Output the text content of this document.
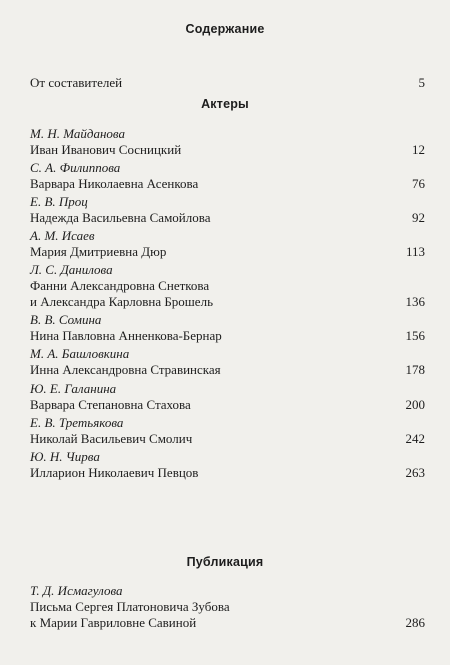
Содержание
От составителей	5
Актеры
М. Н. Майданова
Иван Иванович Сосницкий	12
С. А. Филиппова
Варвара Николаевна Асенкова	76
Е. В. Проц
Надежда Васильевна Самойлова	92
А. М. Исаев
Мария Дмитриевна Дюр	113
Л. С. Данилова
Фанни Александровна Снеткова
и Александра Карловна Брошель	136
В. В. Сомина
Нина Павловна Анненкова-Бернар	156
М. А. Башловкина
Инна Александровна Стравинская	178
Ю. Е. Галанина
Варвара Степановна Стахова	200
Е. В. Третьякова
Николай Васильевич Смолич	242
Ю. Н. Чирва
Илларион Николаевич Певцов	263
Публикация
Т. Д. Исмагулова
Письма Сергея Платоновича Зубова
к Марии Гавриловне Савиной	286
